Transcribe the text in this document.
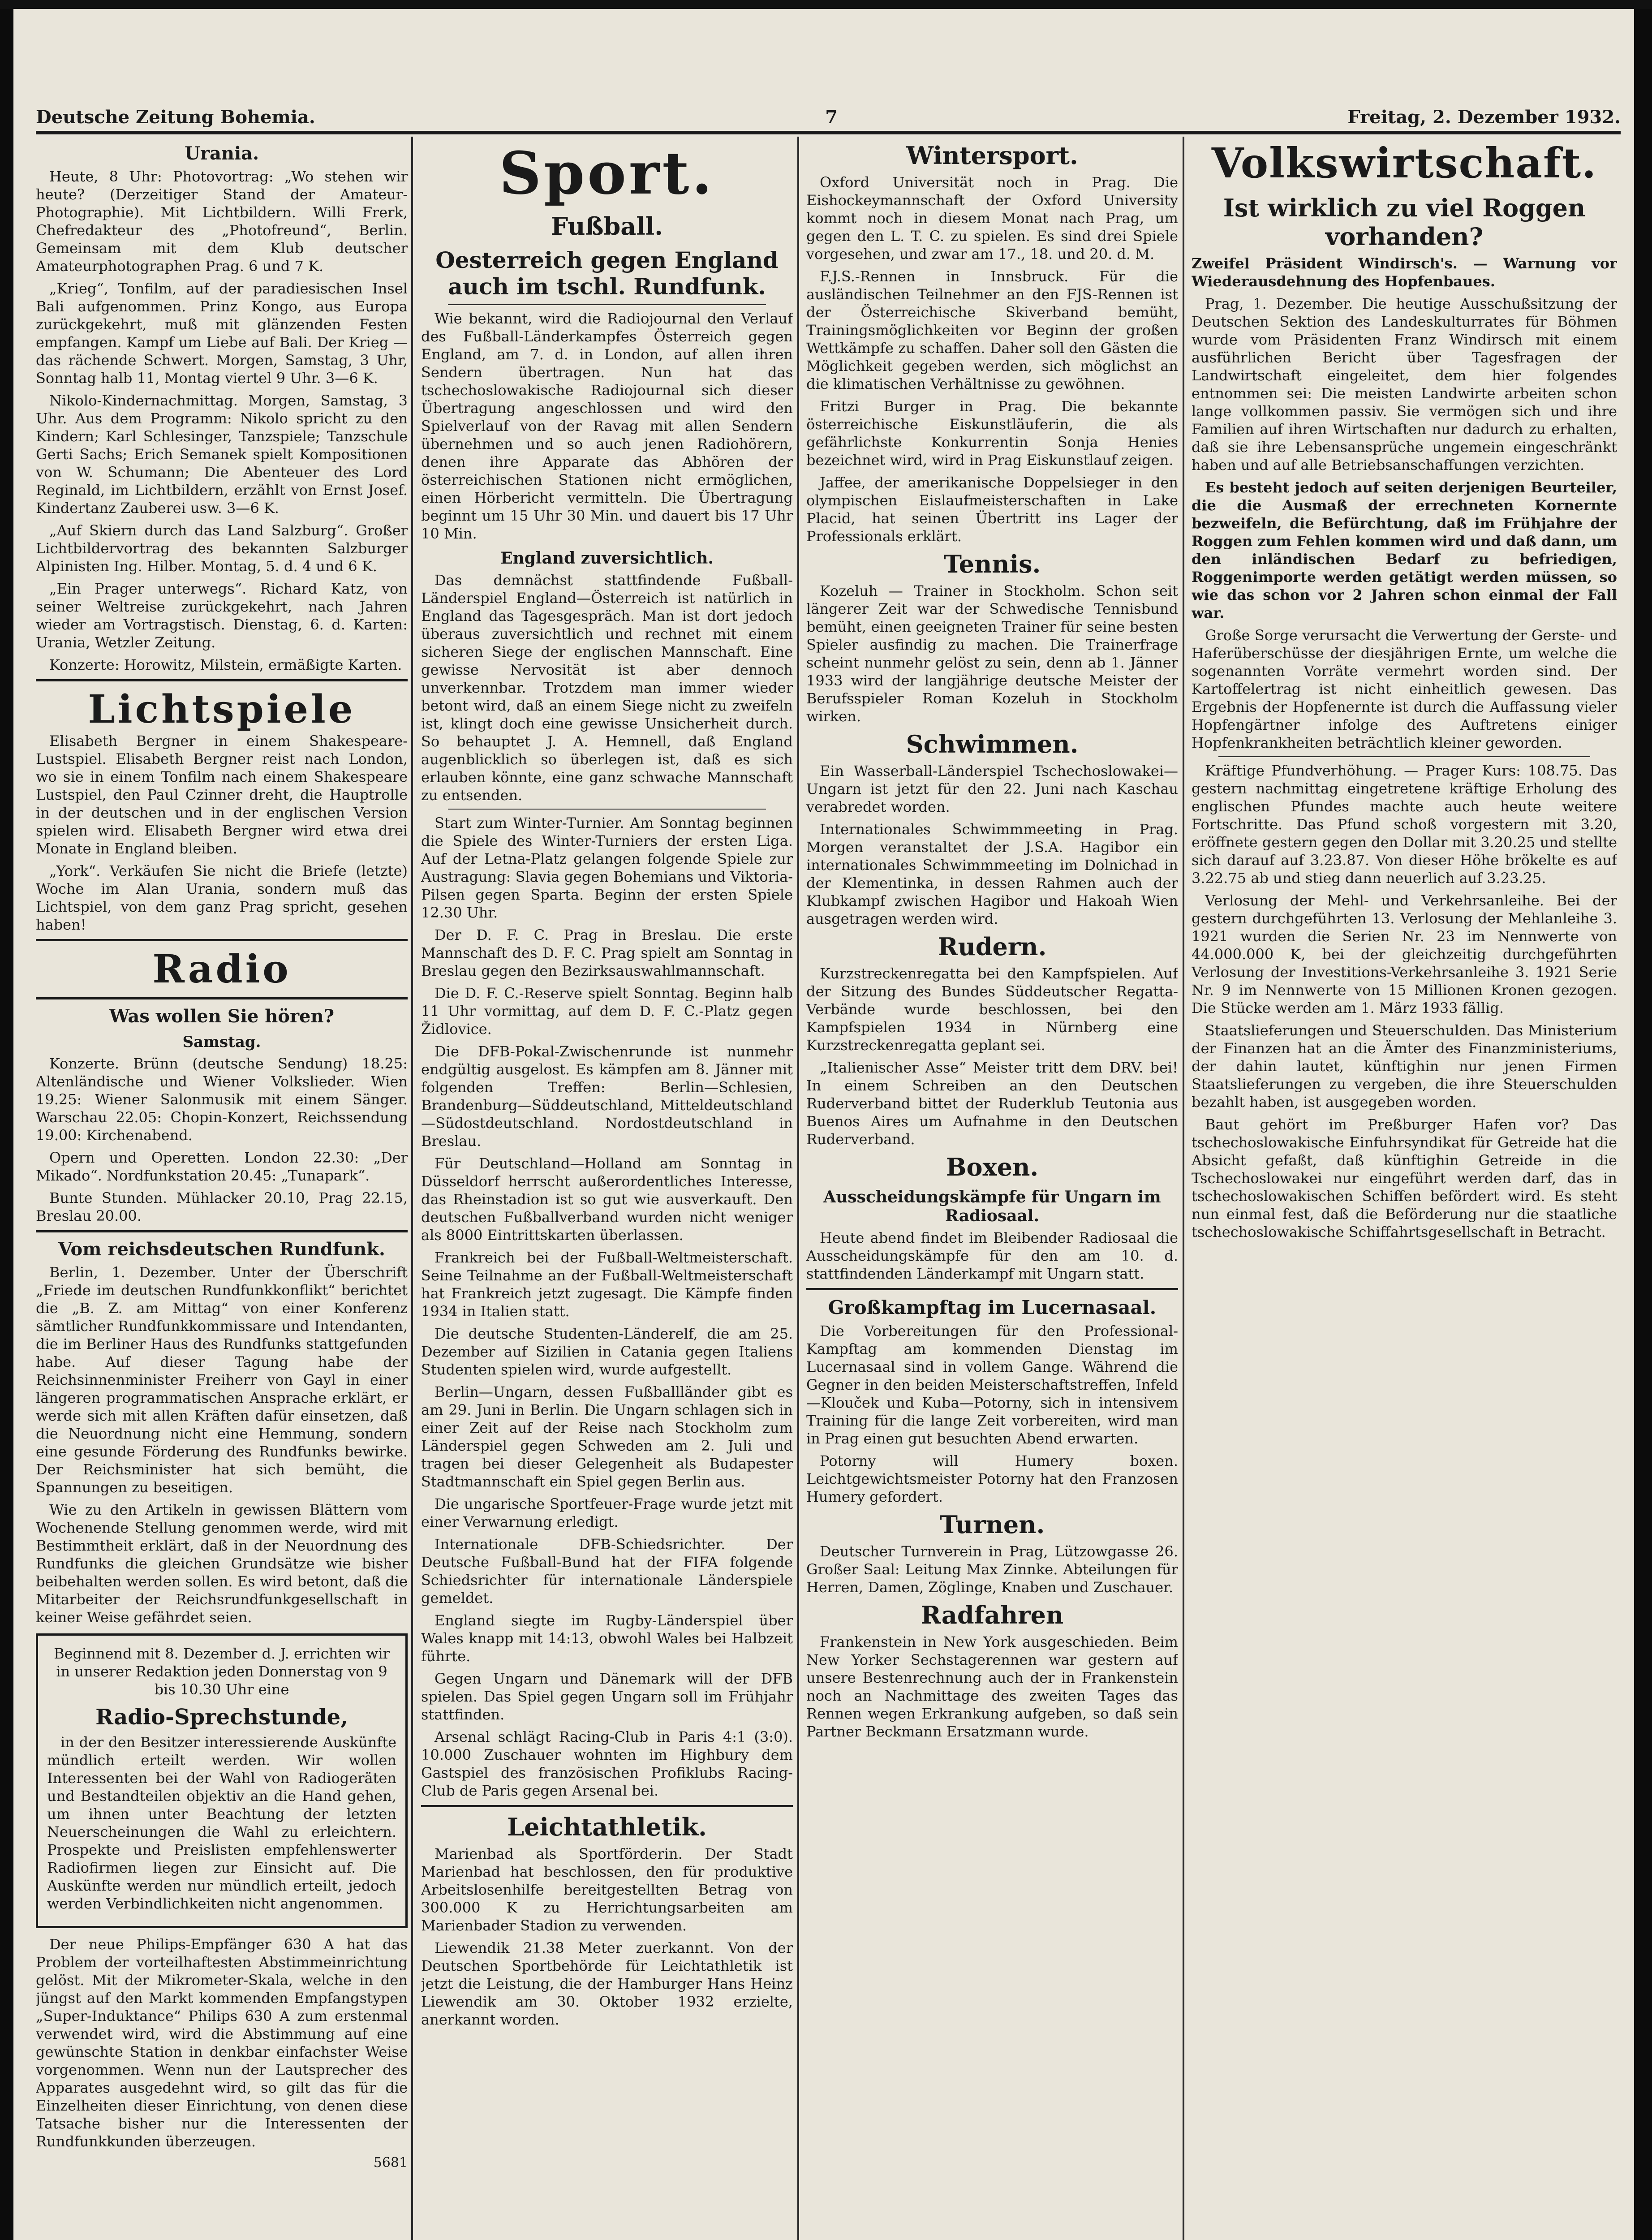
Deutsche Zeitung Bohemia.	7	Freitag, 2. Dezember 1932.
Urania.

Heute, 8 Uhr: Photovortrag: „Wo stehen wir heute? (Derzeitiger Stand der Amateur-Photographie). Mit Lichtbildern. Willi Frerk, Chefredakteur des „Photofreund“, Berlin. Gemeinsam mit dem Klub deutscher Amateurphotographen Prag. 6 und 7 K.

„Krieg“, Tonfilm, auf der paradiesischen Insel Bali aufgenommen. Prinz Kongo, aus Europa zurückgekehrt, muß mit glänzenden Festen empfangen. Kampf um Liebe auf Bali. Der Krieg — das rächende Schwert. Morgen, Samstag, 3 Uhr, Sonntag halb 11, Montag viertel 9 Uhr. 3—6 K.

Nikolo-Kindernachmittag. Morgen, Samstag, 3 Uhr. Aus dem Programm: Nikolo spricht zu den Kindern; Karl Schlesinger, Tanzspiele; Tanzschule Gerti Sachs; Erich Semanek spielt Kompositionen von W. Schumann; Die Abenteuer des Lord Reginald, im Lichtbildern, erzählt von Ernst Josef. Kindertanz Zauberei usw. 3—6 K.

„Auf Skiern durch das Land Salzburg“. Großer Lichtbildervortrag des bekannten Salzburger Alpinisten Ing. Hilber. Montag, 5. d. 4 und 6 K.

„Ein Prager unterwegs“. Richard Katz, von seiner Weltreise zurückgekehrt, nach Jahren wieder am Vortragstisch. Dienstag, 6. d. Karten: Urania, Wetzler Zeitung.

Konzerte: Horowitz, Milstein, ermäßigte Karten.

Lichtspiele

Elisabeth Bergner in einem Shakespeare-Lustspiel. Elisabeth Bergner reist nach London, wo sie in einem Tonfilm nach einem Shakespeare Lustspiel, den Paul Czinner dreht, die Hauptrolle in der deutschen und in der englischen Version spielen wird. Elisabeth Bergner wird etwa drei Monate in England bleiben.

„York“. Verkäufen Sie nicht die Briefe (letzte) Woche im Alan Urania, sondern muß das Lichtspiel, von dem ganz Prag spricht, gesehen haben!

Radio
Was wollen Sie hören?
Samstag.

Konzerte. Brünn (deutsche Sendung) 18.25: Altenländische und Wiener Volkslieder. Wien 19.25: Wiener Salonmusik mit einem Sänger. Warschau 22.05: Chopin-Konzert, Reichssendung 19.00: Kirchenabend.

Opern und Operetten. London 22.30: „Der Mikado“. Nordfunkstation 20.45: „Tunapark“.

Bunte Stunden. Mühlacker 20.10, Prag 22.15, Breslau 20.00.

Vom reichsdeutschen Rundfunk.

Berlin, 1. Dezember. Unter der Überschrift „Friede im deutschen Rundfunkkonflikt“ berichtet die „B. Z. am Mittag“ von einer Konferenz sämtlicher Rundfunkkommissare und Intendanten, die im Berliner Haus des Rundfunks stattgefunden habe. Auf dieser Tagung habe der Reichsinnenminister Freiherr von Gayl in einer längeren programmatischen Ansprache erklärt, er werde sich mit allen Kräften dafür einsetzen, daß die Neuordnung nicht eine Hemmung, sondern eine gesunde Förderung des Rundfunks bewirke. Der Reichsminister hat sich bemüht, die Spannungen zu beseitigen.

Wie zu den Artikeln in gewissen Blättern vom Wochenende Stellung genommen werde, wird mit Bestimmtheit erklärt, daß in der Neuordnung des Rundfunks die gleichen Grundsätze wie bisher beibehalten werden sollen. Es wird betont, daß die Mitarbeiter der Reichsrundfunkgesellschaft in keiner Weise gefährdet seien.

Beginnend mit 8. Dezember d. J. errichten wir in unserer Redaktion jeden Donnerstag von 9 bis 10.30 Uhr eine

Radio-Sprechstunde,

in der den Besitzer interessierende Auskünfte mündlich erteilt werden. Wir wollen Interessenten bei der Wahl von Radiogeräten und Bestandteilen objektiv an die Hand gehen, um ihnen unter Beachtung der letzten Neuerscheinungen die Wahl zu erleichtern. Prospekte und Preislisten empfehlenswerter Radiofirmen liegen zur Einsicht auf. Die Auskünfte werden nur mündlich erteilt, jedoch werden Verbindlichkeiten nicht angenommen.

Der neue Philips-Empfänger 630 A hat das Problem der vorteilhaftesten Abstimmeinrichtung gelöst. Mit der Mikrometer-Skala, welche in den jüngst auf den Markt kommenden Empfangstypen „Super-Induktance“ Philips 630 A zum erstenmal verwendet wird, wird die Abstimmung auf eine gewünschte Station in denkbar einfachster Weise vorgenommen. Wenn nun der Lautsprecher des Apparates ausgedehnt wird, so gilt das für die Einzelheiten dieser Einrichtung, von denen diese Tatsache bisher nur die Interessenten der Rundfunkkunden überzeugen.

5681
Sport.
Fußball.
Oesterreich gegen England auch im tschl. Rundfunk.

Wie bekannt, wird die Radiojournal den Verlauf des Fußball-Länderkampfes Österreich gegen England, am 7. d. in London, auf allen ihren Sendern übertragen. Nun hat das tschechoslowakische Radiojournal sich dieser Übertragung angeschlossen und wird den Spielverlauf von der Ravag mit allen Sendern übernehmen und so auch jenen Radiohörern, denen ihre Apparate das Abhören der österreichischen Stationen nicht ermöglichen, einen Hörbericht vermitteln. Die Übertragung beginnt um 15 Uhr 30 Min. und dauert bis 17 Uhr 10 Min.

England zuversichtlich.

Das demnächst stattfindende Fußball-Länderspiel England—Österreich ist natürlich in England das Tagesgespräch. Man ist dort jedoch überaus zuversichtlich und rechnet mit einem sicheren Siege der englischen Mannschaft. Eine gewisse Nervosität ist aber dennoch unverkennbar. Trotzdem man immer wieder betont wird, daß an einem Siege nicht zu zweifeln ist, klingt doch eine gewisse Unsicherheit durch. So behauptet J. A. Hemnell, daß England augenblicklich so überlegen ist, daß es sich erlauben könnte, eine ganz schwache Mannschaft zu entsenden.

Start zum Winter-Turnier. Am Sonntag beginnen die Spiele des Winter-Turniers der ersten Liga. Auf der Letna-Platz gelangen folgende Spiele zur Austragung: Slavia gegen Bohemians und Viktoria-Pilsen gegen Sparta. Beginn der ersten Spiele 12.30 Uhr.

Der D. F. C. Prag in Breslau. Die erste Mannschaft des D. F. C. Prag spielt am Sonntag in Breslau gegen den Bezirksauswahlmannschaft.

Die D. F. C.-Reserve spielt Sonntag. Beginn halb 11 Uhr vormittag, auf dem D. F. C.-Platz gegen Židlovice.

Die DFB-Pokal-Zwischenrunde ist nunmehr endgültig ausgelost. Es kämpfen am 8. Jänner mit folgenden Treffen: Berlin—Schlesien, Brandenburg—Süddeutschland, Mitteldeutschland—Südostdeutschland. Nordostdeutschland in Breslau.

Für Deutschland—Holland am Sonntag in Düsseldorf herrscht außerordentliches Interesse, das Rheinstadion ist so gut wie ausverkauft. Den deutschen Fußballverband wurden nicht weniger als 8000 Eintrittskarten überlassen.

Frankreich bei der Fußball-Weltmeisterschaft. Seine Teilnahme an der Fußball-Weltmeisterschaft hat Frankreich jetzt zugesagt. Die Kämpfe finden 1934 in Italien statt.

Die deutsche Studenten-Länderelf, die am 25. Dezember auf Sizilien in Catania gegen Italiens Studenten spielen wird, wurde aufgestellt.

Berlin—Ungarn, dessen Fußballländer gibt es am 29. Juni in Berlin. Die Ungarn schlagen sich in einer Zeit auf der Reise nach Stockholm zum Länderspiel gegen Schweden am 2. Juli und tragen bei dieser Gelegenheit als Budapester Stadtmannschaft ein Spiel gegen Berlin aus.

Die ungarische Sportfeuer-Frage wurde jetzt mit einer Verwarnung erledigt.

Internationale DFB-Schiedsrichter. Der Deutsche Fußball-Bund hat der FIFA folgende Schiedsrichter für internationale Länderspiele gemeldet.

England siegte im Rugby-Länderspiel über Wales knapp mit 14:13, obwohl Wales bei Halbzeit führte.

Gegen Ungarn und Dänemark will der DFB spielen. Das Spiel gegen Ungarn soll im Frühjahr stattfinden.

Arsenal schlägt Racing-Club in Paris 4:1 (3:0). 10.000 Zuschauer wohnten im Highbury dem Gastspiel des französischen Profiklubs Racing-Club de Paris gegen Arsenal bei.

Leichtathletik.

Marienbad als Sportförderin. Der Stadt Marienbad hat beschlossen, den für produktive Arbeitslosenhilfe bereitgestellten Betrag von 300.000 K zu Herrichtungsarbeiten am Marienbader Stadion zu verwenden.

Liewendik 21.38 Meter zuerkannt. Von der Deutschen Sportbehörde für Leichtathletik ist jetzt die Leistung, die der Hamburger Hans Heinz Liewendik am 30. Oktober 1932 erzielte, anerkannt worden.

Wintersport.

Oxford Universität noch in Prag. Die Eishockeymannschaft der Oxford University kommt noch in diesem Monat nach Prag, um gegen den L. T. C. zu spielen. Es sind drei Spiele vorgesehen, und zwar am 17., 18. und 20. d. M.

F.J.S.-Rennen in Innsbruck. Für die ausländischen Teilnehmer an den FJS-Rennen ist der Österreichische Skiverband bemüht, Trainingsmöglichkeiten vor Beginn der großen Wettkämpfe zu schaffen. Daher soll den Gästen die Möglichkeit gegeben werden, sich möglichst an die klimatischen Verhältnisse zu gewöhnen.

Fritzi Burger in Prag. Die bekannte österreichische Eiskunstläuferin, die als gefährlichste Konkurrentin Sonja Henies bezeichnet wird, wird in Prag Eiskunstlauf zeigen.

Jaffee, der amerikanische Doppelsieger in den olympischen Eislaufmeisterschaften in Lake Placid, hat seinen Übertritt ins Lager der Professionals erklärt.

Tennis.

Kozeluh — Trainer in Stockholm. Schon seit längerer Zeit war der Schwedische Tennisbund bemüht, einen geeigneten Trainer für seine besten Spieler ausfindig zu machen. Die Trainerfrage scheint nunmehr gelöst zu sein, denn ab 1. Jänner 1933 wird der langjährige deutsche Meister der Berufsspieler Roman Kozeluh in Stockholm wirken.

Schwimmen.

Ein Wasserball-Länderspiel Tschechoslowakei—Ungarn ist jetzt für den 22. Juni nach Kaschau verabredet worden.

Internationales Schwimmmeeting in Prag. Morgen veranstaltet der J.S.A. Hagibor ein internationales Schwimmmeeting im Dolnichad in der Klementinka, in dessen Rahmen auch der Klubkampf zwischen Hagibor und Hakoah Wien ausgetragen werden wird.

Rudern.

Kurzstreckenregatta bei den Kampfspielen. Auf der Sitzung des Bundes Süddeutscher Regatta-Verbände wurde beschlossen, bei den Kampfspielen 1934 in Nürnberg eine Kurzstreckenregatta geplant sei.

„Italienischer Asse“ Meister tritt dem DRV. bei! In einem Schreiben an den Deutschen Ruderverband bittet der Ruderklub Teutonia aus Buenos Aires um Aufnahme in den Deutschen Ruderverband.

Boxen.
Ausscheidungskämpfe für Ungarn im Radiosaal.

Heute abend findet im Bleibender Radiosaal die Ausscheidungskämpfe für den am 10. d. stattfindenden Länderkampf mit Ungarn statt.

Großkampftag im Lucernasaal.

Die Vorbereitungen für den Professional-Kampftag am kommenden Dienstag im Lucernasaal sind in vollem Gange. Während die Gegner in den beiden Meisterschaftstreffen, Infeld—Klouček und Kuba—Potorny, sich in intensivem Training für die lange Zeit vorbereiten, wird man in Prag einen gut besuchten Abend erwarten.

Potorny will Humery boxen. Leichtgewichtsmeister Potorny hat den Franzosen Humery gefordert.

Turnen.

Deutscher Turnverein in Prag, Lützowgasse 26. Großer Saal: Leitung Max Zinnke. Abteilungen für Herren, Damen, Zöglinge, Knaben und Zuschauer.

Radfahren

Frankenstein in New York ausgeschieden. Beim New Yorker Sechstagerennen war gestern auf unsere Bestenrechnung auch der in Frankenstein noch an Nachmittage des zweiten Tages das Rennen wegen Erkrankung aufgeben, so daß sein Partner Beckmann Ersatzmann wurde.

Volkswirtschaft.
Ist wirklich zu viel Roggen vorhanden?

Zweifel Präsident Windirsch's. — Warnung vor Wiederausdehnung des Hopfenbaues.

Prag, 1. Dezember. Die heutige Ausschußsitzung der Deutschen Sektion des Landeskulturrates für Böhmen wurde vom Präsidenten Franz Windirsch mit einem ausführlichen Bericht über Tagesfragen der Landwirtschaft eingeleitet, dem hier folgendes entnommen sei: Die meisten Landwirte arbeiten schon lange vollkommen passiv. Sie vermögen sich und ihre Familien auf ihren Wirtschaften nur dadurch zu erhalten, daß sie ihre Lebensansprüche ungemein eingeschränkt haben und auf alle Betriebsanschaffungen verzichten.

Es besteht jedoch auf seiten derjenigen Beurteiler, die die Ausmaß der errechneten Kornernte bezweifeln, die Befürchtung, daß im Frühjahre der Roggen zum Fehlen kommen wird und daß dann, um den inländischen Bedarf zu befriedigen, Roggenimporte werden getätigt werden müssen, so wie das schon vor 2 Jahren schon einmal der Fall war.

Große Sorge verursacht die Verwertung der Gerste- und Haferüberschüsse der diesjährigen Ernte, um welche die sogenannten Vorräte vermehrt worden sind. Der Kartoffelertrag ist nicht einheitlich gewesen. Das Ergebnis der Hopfenernte ist durch die Auffassung vieler Hopfengärtner infolge des Auftretens einiger Hopfenkrankheiten beträchtlich kleiner geworden.

Kräftige Pfundverhöhung. — Prager Kurs: 108.75. Das gestern nachmittag eingetretene kräftige Erholung des englischen Pfundes machte auch heute weitere Fortschritte. Das Pfund schoß vorgestern mit 3.20, eröffnete gestern gegen den Dollar mit 3.20.25 und stellte sich darauf auf 3.23.87. Von dieser Höhe brökelte es auf 3.22.75 ab und stieg dann neuerlich auf 3.23.25.

Verlosung der Mehl- und Verkehrsanleihe. Bei der gestern durchgeführten 13. Verlosung der Mehlanleihe 3. 1921 wurden die Serien Nr. 23 im Nennwerte von 44.000.000 K, bei der gleichzeitig durchgeführten Verlosung der Investitions-Verkehrsanleihe 3. 1921 Serie Nr. 9 im Nennwerte von 15 Millionen Kronen gezogen. Die Stücke werden am 1. März 1933 fällig.

Staatslieferungen und Steuerschulden. Das Ministerium der Finanzen hat an die Ämter des Finanzministeriums, der dahin lautet, künftighin nur jenen Firmen Staatslieferungen zu vergeben, die ihre Steuerschulden bezahlt haben, ist ausgegeben worden.

Baut gehört im Preßburger Hafen vor? Das tschechoslowakische Einfuhrsyndikat für Getreide hat die Absicht gefaßt, daß künftighin Getreide in die Tschechoslowakei nur eingeführt werden darf, das in tschechoslowakischen Schiffen befördert wird. Es steht nun einmal fest, daß die Beförderung nur die staatliche tschechoslowakische Schiffahrtsgesellschaft in Betracht.
